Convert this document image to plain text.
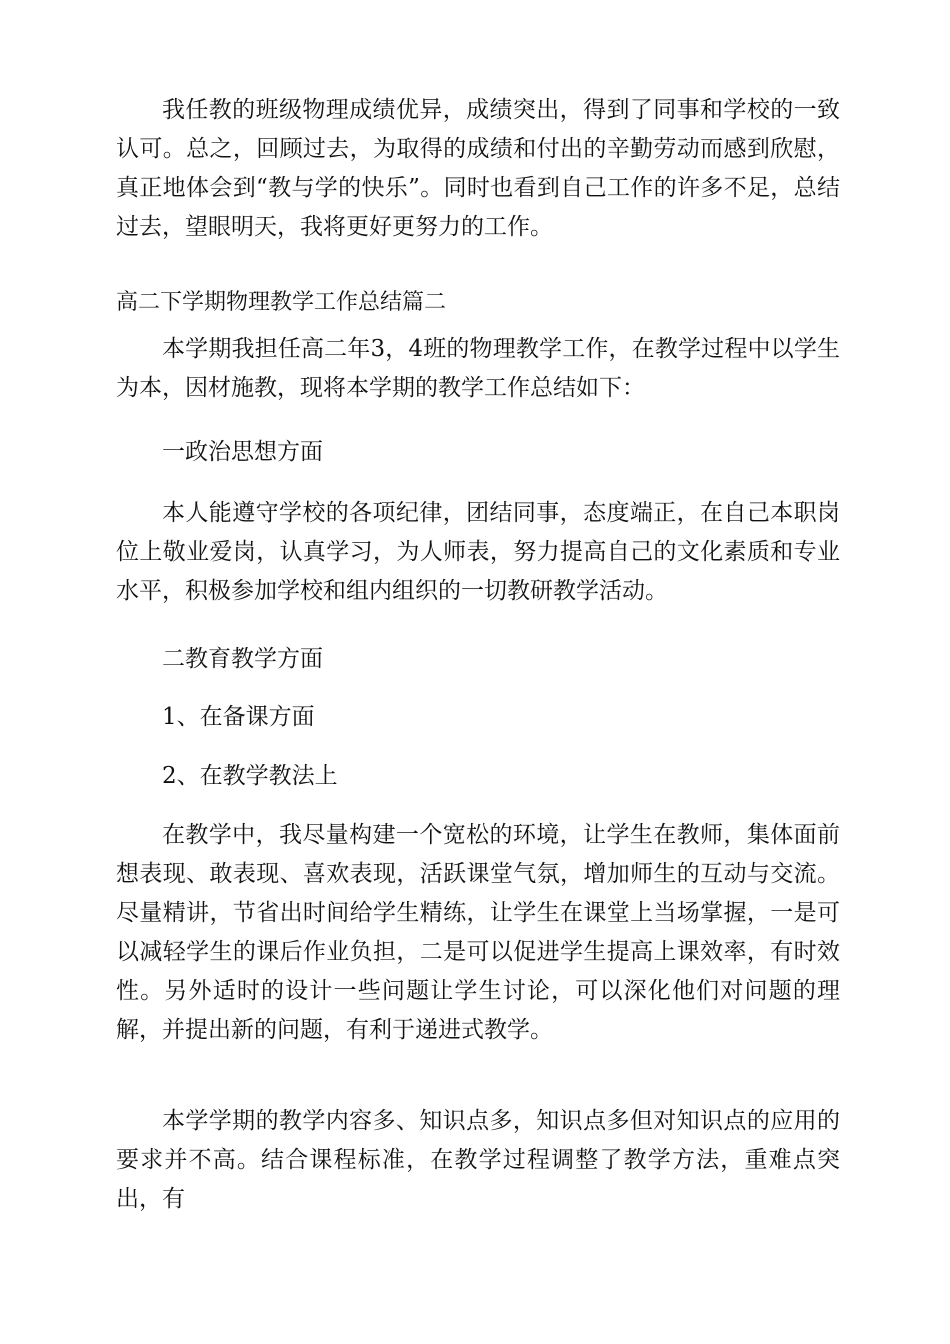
我任教的班级物理成绩优异，成绩突出，得到了同事和学校的一致认可。总之，回顾过去，为取得的成绩和付出的辛勤劳动而感到欣慰，真正地体会到“教与学的快乐”。同时也看到自己工作的许多不足，总结过去，望眼明天，我将更好更努力的工作。

高二下学期物理教学工作总结篇二

本学期我担任高二年3，4班的物理教学工作，在教学过程中以学生为本，因材施教，现将本学期的教学工作总结如下：

一政治思想方面

本人能遵守学校的各项纪律，团结同事，态度端正，在自己本职岗位上敬业爱岗，认真学习，为人师表，努力提高自己的文化素质和专业水平，积极参加学校和组内组织的一切教研教学活动。

二教育教学方面

1、在备课方面

2、在教学教法上

在教学中，我尽量构建一个宽松的环境，让学生在教师，集体面前想表现、敢表现、喜欢表现，活跃课堂气氛，增加师生的互动与交流。尽量精讲，节省出时间给学生精练，让学生在课堂上当场掌握，一是可以减轻学生的课后作业负担，二是可以促进学生提高上课效率，有时效性。另外适时的设计一些问题让学生讨论，可以深化他们对问题的理解，并提出新的问题，有利于递进式教学。

本学学期的教学内容多、知识点多，知识点多但对知识点的应用的要求并不高。结合课程标准，在教学过程调整了教学方法，重难点突出，有
